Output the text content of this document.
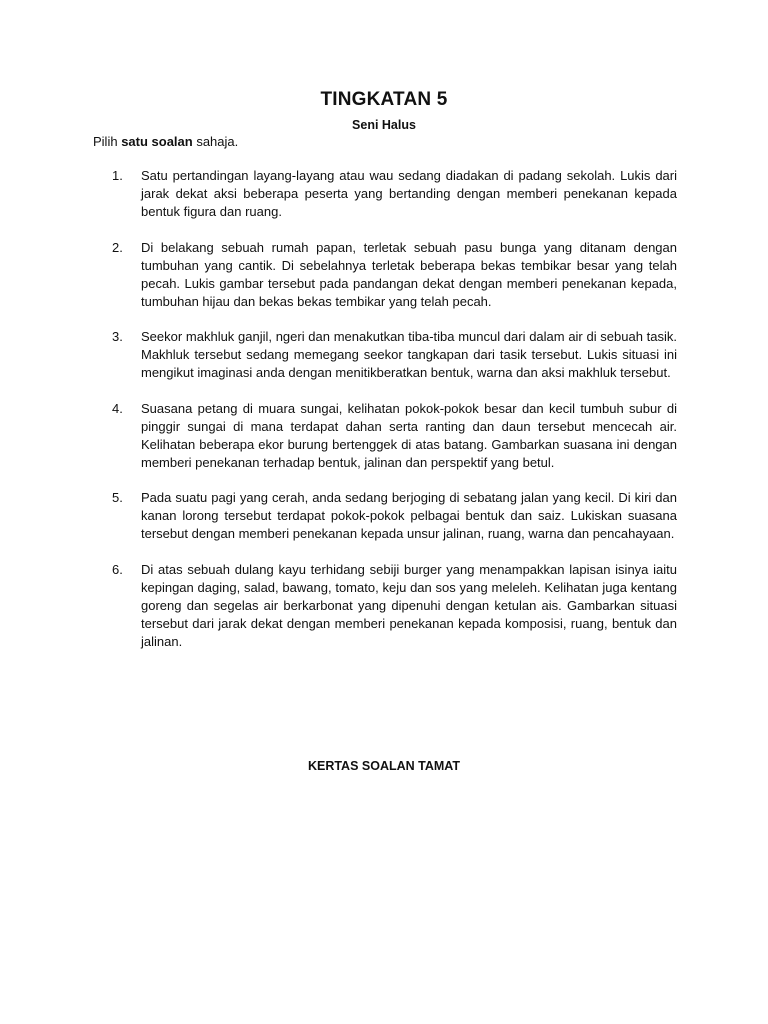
TINGKATAN 5
Seni Halus
Pilih satu soalan sahaja.
1. Satu pertandingan layang-layang atau wau sedang diadakan di padang sekolah. Lukis dari jarak dekat aksi beberapa peserta yang bertanding dengan memberi penekanan kepada bentuk figura dan ruang.
2. Di belakang sebuah rumah papan, terletak sebuah pasu bunga yang ditanam dengan tumbuhan yang cantik. Di sebelahnya terletak beberapa bekas tembikar besar yang telah pecah. Lukis gambar tersebut pada pandangan dekat dengan memberi penekanan kepada, tumbuhan hijau dan bekas bekas tembikar yang telah pecah.
3. Seekor makhluk ganjil, ngeri dan menakutkan tiba-tiba muncul dari dalam air di sebuah tasik. Makhluk tersebut sedang memegang seekor tangkapan dari tasik tersebut. Lukis situasi ini mengikut imaginasi anda dengan menitikberatkan bentuk, warna dan aksi makhluk tersebut.
4. Suasana petang di muara sungai, kelihatan pokok-pokok besar dan kecil tumbuh subur di pinggir sungai di mana terdapat dahan serta ranting dan daun tersebut mencecah air. Kelihatan beberapa ekor burung bertenggek di atas batang. Gambarkan suasana ini dengan memberi penekanan terhadap bentuk, jalinan dan perspektif yang betul.
5. Pada suatu pagi yang cerah, anda sedang berjoging di sebatang jalan yang kecil. Di kiri dan kanan lorong tersebut terdapat pokok-pokok pelbagai bentuk dan saiz. Lukiskan suasana tersebut dengan memberi penekanan kepada unsur jalinan, ruang, warna dan pencahayaan.
6. Di atas sebuah dulang kayu terhidang sebiji burger yang menampakkan lapisan isinya iaitu kepingan daging, salad, bawang, tomato, keju dan sos yang meleleh. Kelihatan juga kentang goreng dan segelas air berkarbonat yang dipenuhi dengan ketulan ais. Gambarkan situasi tersebut dari jarak dekat dengan memberi penekanan kepada komposisi, ruang, bentuk dan jalinan.
KERTAS SOALAN TAMAT
